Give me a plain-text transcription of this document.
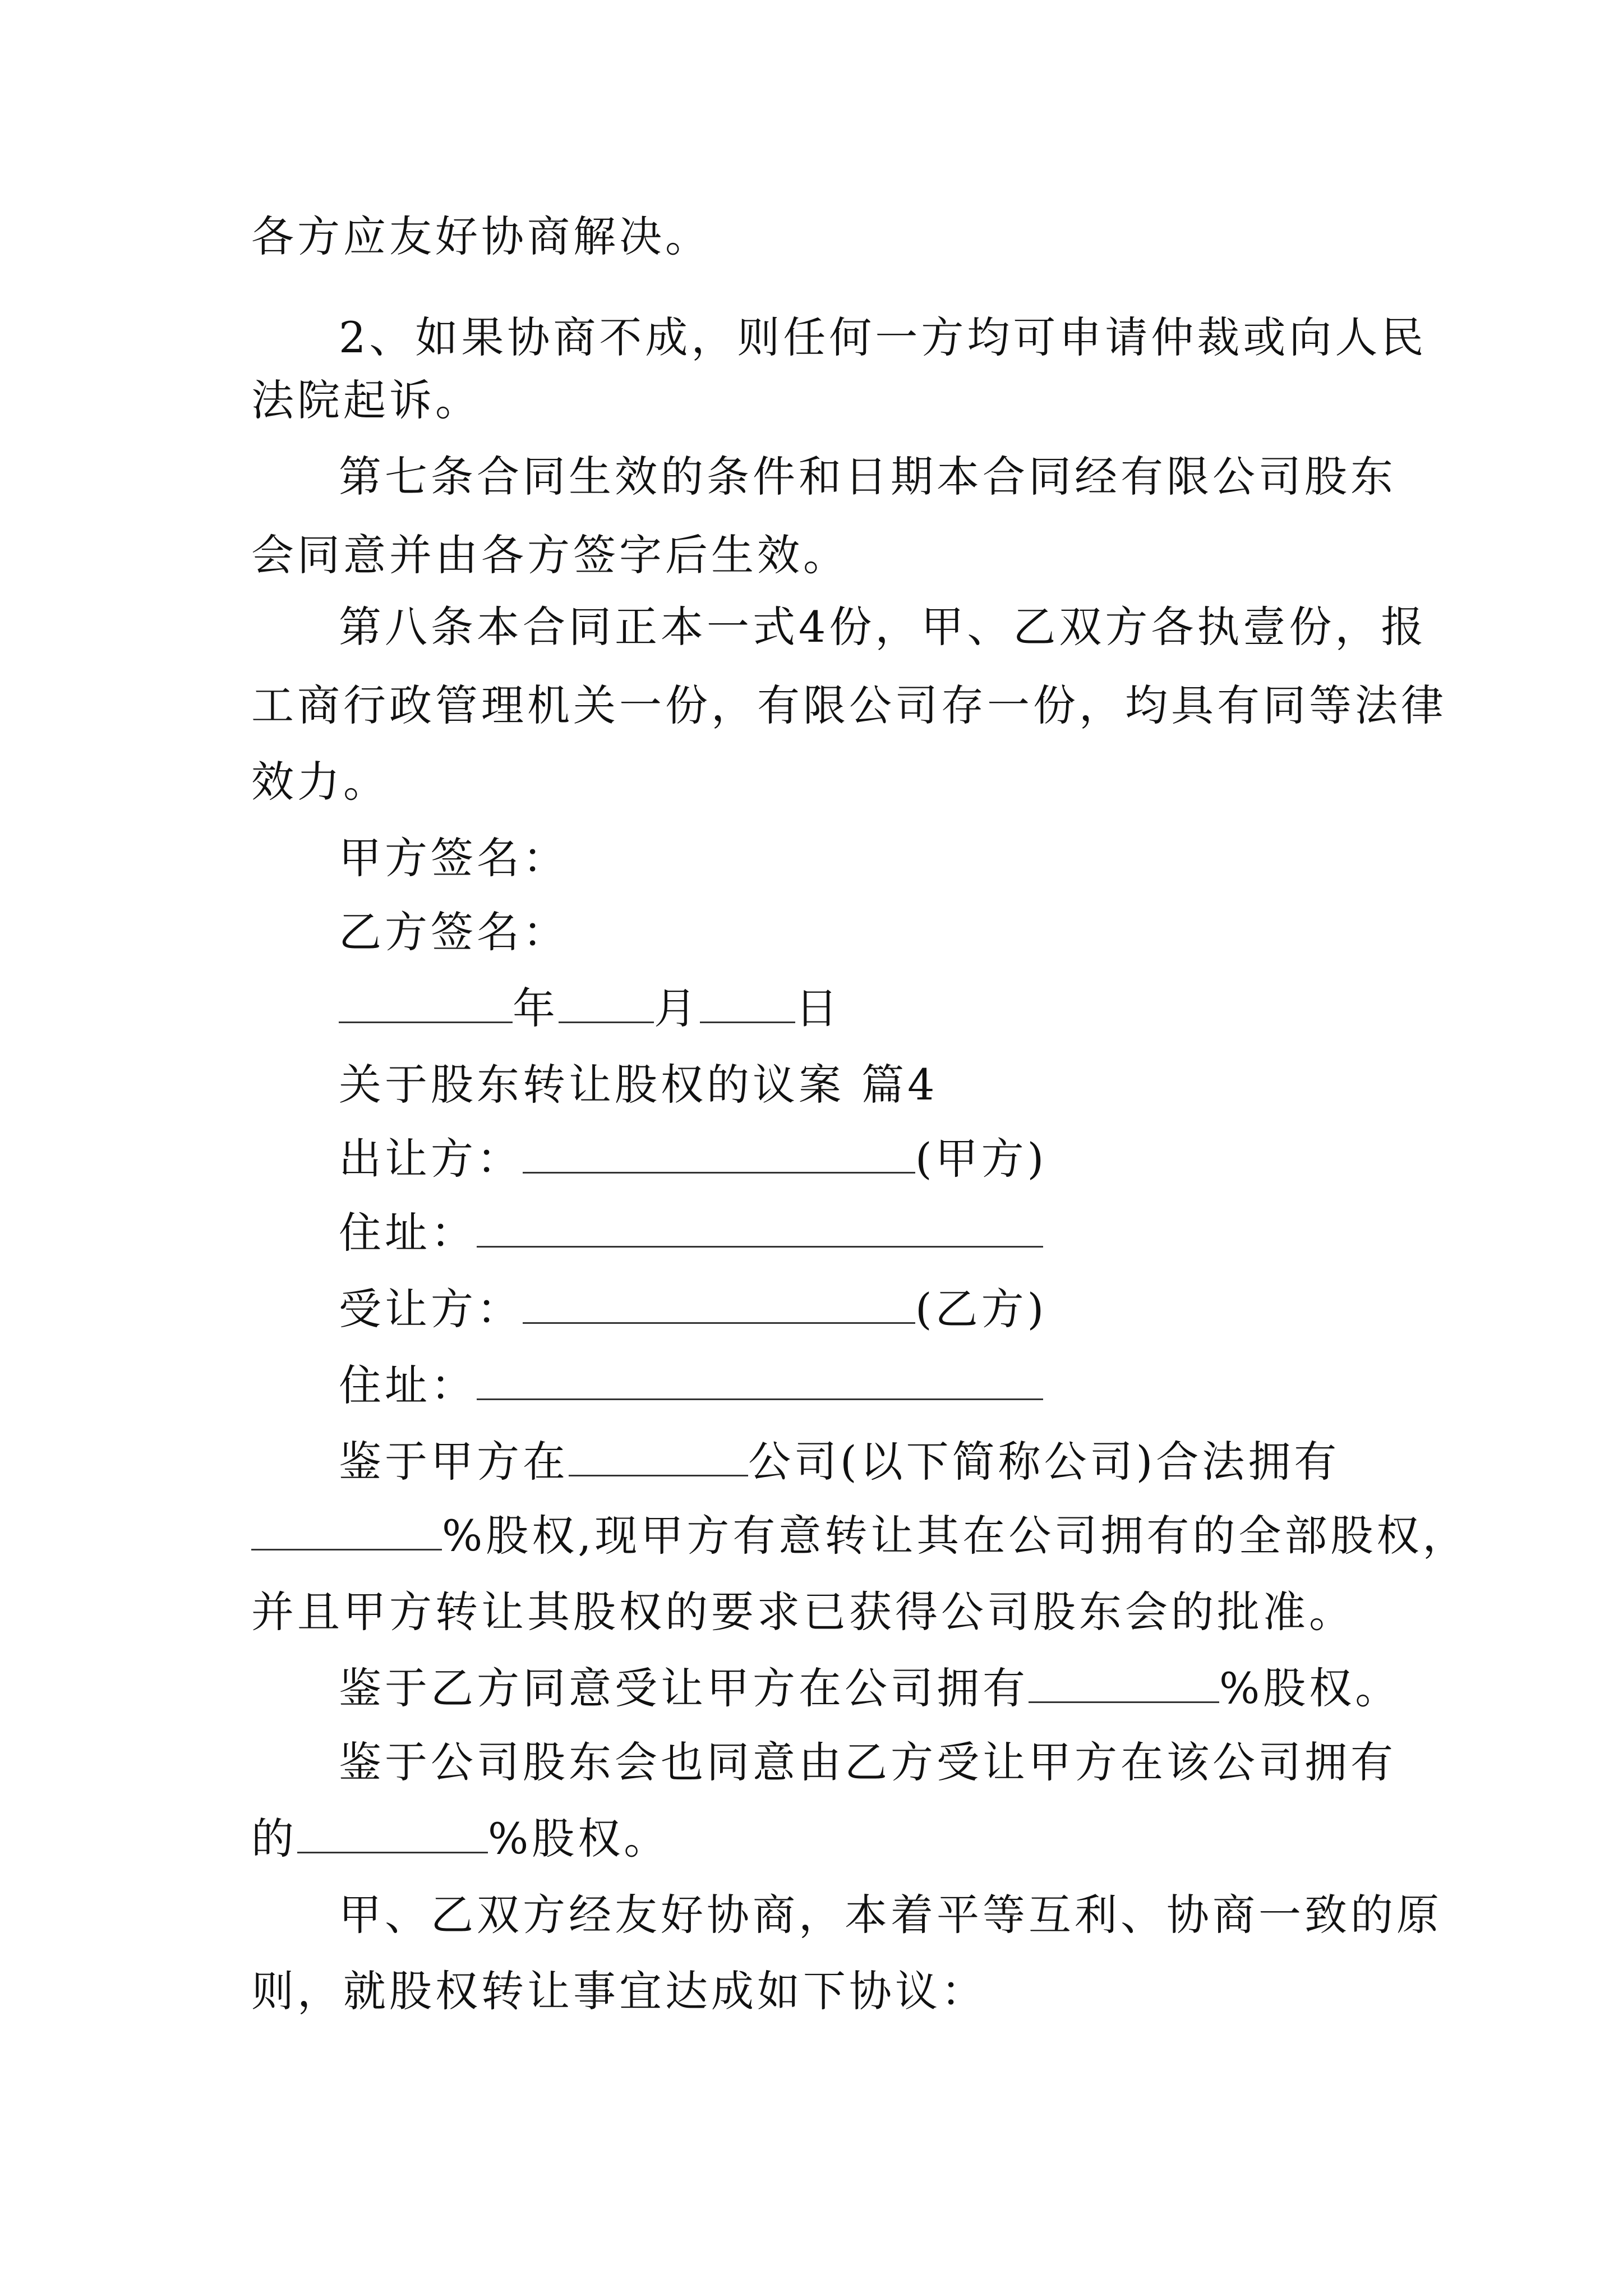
各方应友好协商解决。
2、如果协商不成，则任何一方均可申请仲裁或向人民
法院起诉。
第七条合同生效的条件和日期本合同经有限公司股东
会同意并由各方签字后生效。
第八条本合同正本一式4份，甲、乙双方各执壹份，报
工商行政管理机关一份，有限公司存一份，均具有同等法律
效力。
甲方签名：
乙方签名：
年 月 日
关于股东转让股权的议案 篇4
出让方：	(甲方)
住址：
受让方：	(乙方)
住址：
鉴于甲方在	公司(以下简称公司)合法拥有
%股权,现甲方有意转让其在公司拥有的全部股权，
并且甲方转让其股权的要求已获得公司股东会的批准。
鉴于乙方同意受让甲方在公司拥有	%股权。
鉴于公司股东会也同意由乙方受让甲方在该公司拥有
的	%股权。
甲、乙双方经友好协商，本着平等互利、协商一致的原
则，就股权转让事宜达成如下协议：
